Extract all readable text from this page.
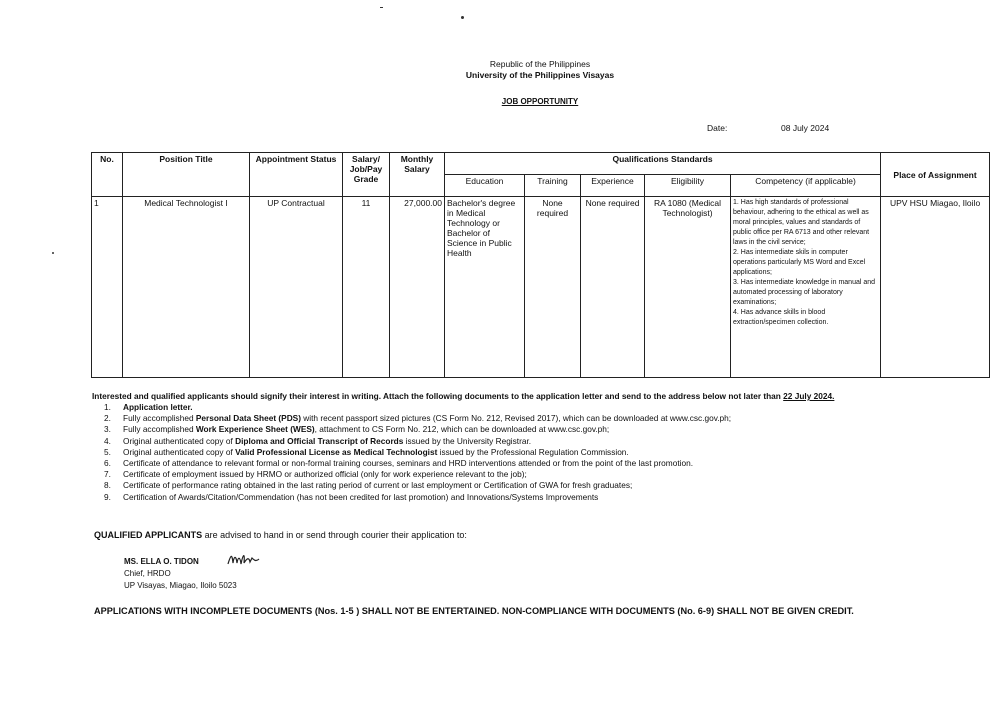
Republic of the Philippines
University of the Philippines Visayas
JOB OPPORTUNITY
Date:	08 July 2024
No.	Position Title	Appointment Status	Salary/ Job/Pay Grade	Monthly Salary	Qualifications Standards					Place of Assignment
					Education	Training	Experience	Eligibility	Competency (if applicable)	
1	Medical Technologist I	UP Contractual	11	27,000.00	Bachelor's degree in Medical Technology or Bachelor of Science in Public Health	None required	None required	RA 1080 (Medical Technologist)	1. Has high standards of professional behaviour, adhering to the ethical as well as moral principles, values and standards of public office per RA 6713 and other relevant laws in the civil service;
2. Has intermediate skils in computer operations particularly MS Word and Excel applications;
3. Has intermediate knowledge in manual and automated processing of laboratory examinations;
4. Has advance skills in blood extraction/specimen collection.	UPV HSU Miagao, Iloilo
Interested and qualified applicants should signify their interest in writing. Attach the following documents to the application letter and send to the address below not later than 22 July 2024.
1. Application letter.
2. Fully accomplished Personal Data Sheet (PDS) with recent passport sized pictures (CS Form No. 212, Revised 2017), which can be downloaded at www.csc.gov.ph;
3. Fully accomplished Work Experience Sheet (WES), attachment to CS Form No. 212, which can be downloaded at www.csc.gov.ph;
4. Original authenticated copy of Diploma and Official Transcript of Records issued by the University Registrar.
5. Original authenticated copy of Valid Professional License as Medical Technologist issued by the Professional Regulation Commission.
6. Certificate of attendance to relevant formal or non-formal training courses, seminars and HRD interventions attended or from the point of the last promotion.
7. Certificate of employment issued by HRMO or authorized official (only for work experience relevant to the job);
8. Certificate of performance rating obtained in the last rating period of current or last employment or Certification of GWA for fresh graduates;
9. Certification of Awards/Citation/Commendation (has not been credited for last promotion) and Innovations/Systems Improvements
QUALIFIED APPLICANTS are advised to hand in or send through courier their application to:
MS. ELLA O. TIDON
Chief, HRDO
UP Visayas, Miagao, Iloilo 5023
APPLICATIONS WITH INCOMPLETE DOCUMENTS (Nos. 1-5 ) SHALL NOT BE ENTERTAINED. NON-COMPLIANCE WITH DOCUMENTS (No. 6-9) SHALL NOT BE GIVEN CREDIT.
